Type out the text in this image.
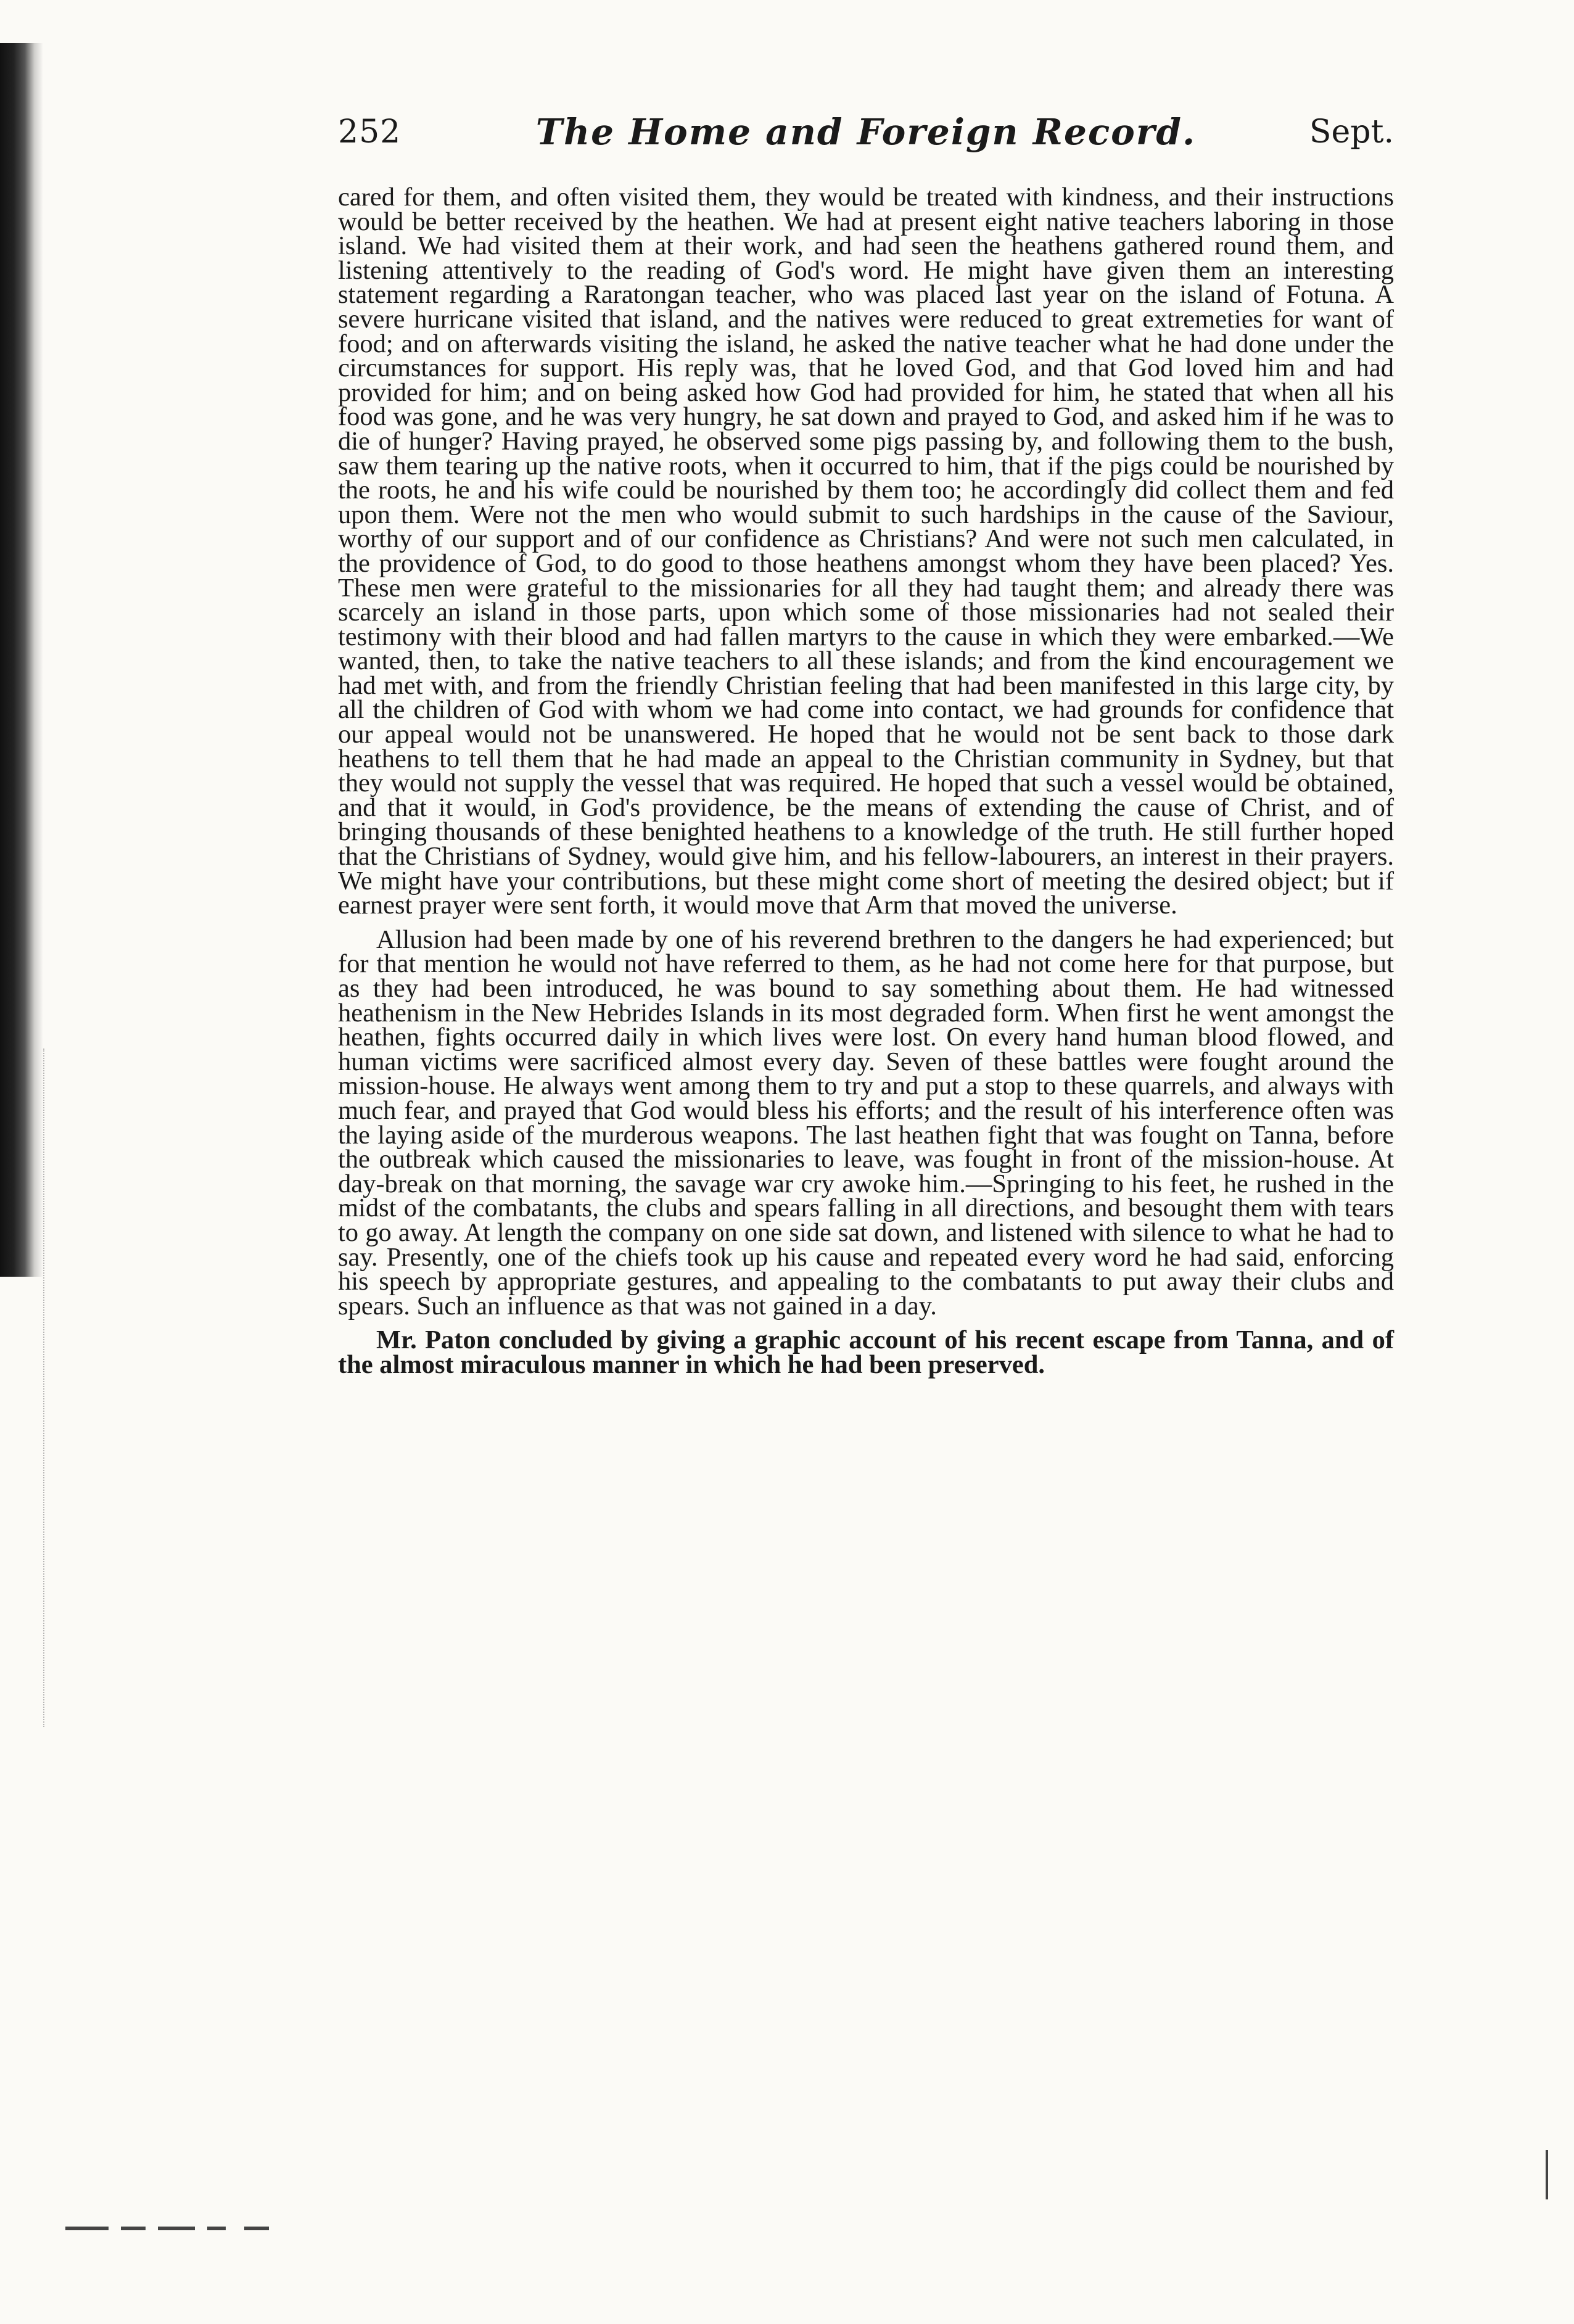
252	The Home and Foreign Record.	Sept.

cared for them, and often visited them, they would be treated with kindness, and their instructions would be better received by the heathen. We had at present eight native teachers laboring in those island. We had visited them at their work, and had seen the heathens gathered round them, and listening attentively to the reading of God's word. He might have given them an interesting statement regarding a Raratongan teacher, who was placed last year on the island of Fotuna. A severe hurricane visited that island, and the natives were reduced to great extremeties for want of food; and on afterwards visiting the island, he asked the native teacher what he had done under the circumstances for support. His reply was, that he loved God, and that God loved him and had provided for him; and on being asked how God had provided for him, he stated that when all his food was gone, and he was very hungry, he sat down and prayed to God, and asked him if he was to die of hunger? Having prayed, he observed some pigs passing by, and following them to the bush, saw them tearing up the native roots, when it occurred to him, that if the pigs could be nourished by the roots, he and his wife could be nourished by them too; he accordingly did collect them and fed upon them. Were not the men who would submit to such hardships in the cause of the Saviour, worthy of our support and of our confidence as Christians? And were not such men calculated, in the providence of God, to do good to those heathens amongst whom they have been placed? Yes. These men were grateful to the missionaries for all they had taught them; and already there was scarcely an island in those parts, upon which some of those missionaries had not sealed their testimony with their blood and had fallen martyrs to the cause in which they were embarked.—We wanted, then, to take the native teachers to all these islands; and from the kind encouragement we had met with, and from the friendly Christian feeling that had been manifested in this large city, by all the children of God with whom we had come into contact, we had grounds for confidence that our appeal would not be unanswered. He hoped that he would not be sent back to those dark heathens to tell them that he had made an appeal to the Christian community in Sydney, but that they would not supply the vessel that was required. He hoped that such a vessel would be obtained, and that it would, in God's providence, be the means of extending the cause of Christ, and of bringing thousands of these benighted heathens to a knowledge of the truth. He still further hoped that the Christians of Sydney, would give him, and his fellow-labourers, an interest in their prayers. We might have your contributions, but these might come short of meeting the desired object; but if earnest prayer were sent forth, it would move that Arm that moved the universe.

Allusion had been made by one of his reverend brethren to the dangers he had experienced; but for that mention he would not have referred to them, as he had not come here for that purpose, but as they had been introduced, he was bound to say something about them. He had witnessed heathenism in the New Hebrides Islands in its most degraded form. When first he went amongst the heathen, fights occurred daily in which lives were lost. On every hand human blood flowed, and human victims were sacrificed almost every day. Seven of these battles were fought around the mission-house. He always went among them to try and put a stop to these quarrels, and always with much fear, and prayed that God would bless his efforts; and the result of his interference often was the laying aside of the murderous weapons. The last heathen fight that was fought on Tanna, before the outbreak which caused the missionaries to leave, was fought in front of the mission-house. At day-break on that morning, the savage war cry awoke him.—Springing to his feet, he rushed in the midst of the combatants, the clubs and spears falling in all directions, and besought them with tears to go away. At length the company on one side sat down, and listened with silence to what he had to say. Presently, one of the chiefs took up his cause and repeated every word he had said, enforcing his speech by appropriate gestures, and appealing to the combatants to put away their clubs and spears. Such an influence as that was not gained in a day.

Mr. Paton concluded by giving a graphic account of his recent escape from Tanna, and of the almost miraculous manner in which he had been preserved.
